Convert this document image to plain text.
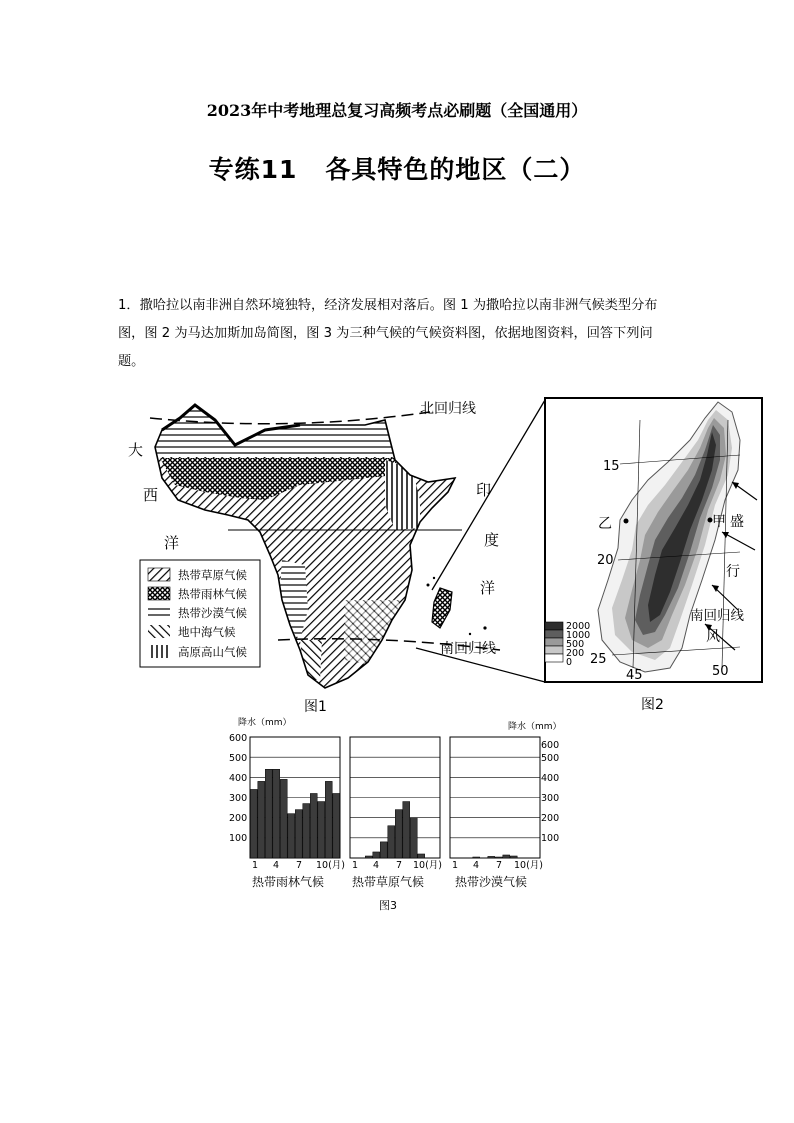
2023年中考地理总复习高频考点必刷题（全国通用）
专练11 各具特色的地区（二）
1．撒哈拉以南非洲自然环境独特，经济发展相对落后。图 1 为撒哈拉以南非洲气候类型分布图，图 2 为马达加斯加岛简图，图 3 为三种气候的气候资料图，依据地图资料，回答下列问题。
北回归线
南回归线
大
西
洋
印
度
洋
热带草原气候
热带雨林气候
热带沙漠气候
地中海气候
高原高山气候
图1
15
20
25
45	50
乙	甲 盛
行
南回归线
风
2000
1000
500
200
0
图2
降水（mm）	降水（mm）
600
500
400
300
200
100
600
500
400
300
200
100
1 4 7 10(月) 1 4 7 10(月) 1 4 7 10(月)
热带雨林气候 热带草原气候	热带沙漠气候
图3
